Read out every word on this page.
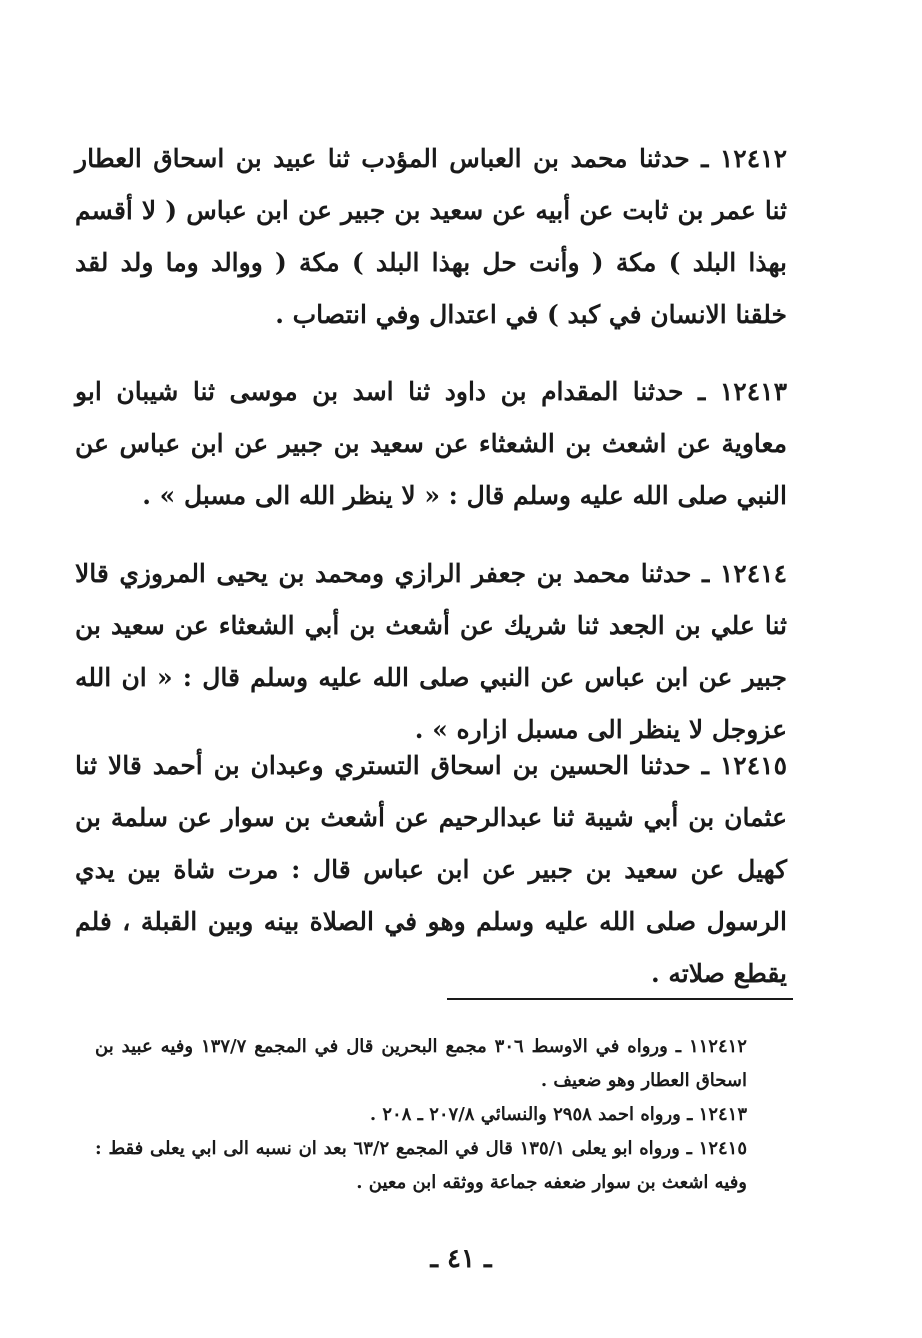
١٢٤١٢ ـ حدثنا محمد بن العباس المؤدب ثنا عبيد بن اسحاق العطار ثنا عمر بن ثابت عن أبيه عن سعيد بن جبير عن ابن عباس ( لا أقسم بهذا البلد ) مكة ( وأنت حل بهذا البلد ) مكة ( ووالد وما ولد لقد خلقنا الانسان في كبد ) في اعتدال وفي انتصاب .

١٢٤١٣ ـ حدثنا المقدام بن داود ثنا اسد بن موسى ثنا شيبان ابو معاوية عن اشعث بن الشعثاء عن سعيد بن جبير عن ابن عباس عن النبي صلى الله عليه وسلم قال : « لا ينظر الله الى مسبل » .

١٢٤١٤ ـ حدثنا محمد بن جعفر الرازي ومحمد بن يحيى المروزي قالا ثنا علي بن الجعد ثنا شريك عن أشعث بن أبي الشعثاء عن سعيد بن جبير عن ابن عباس عن النبي صلى الله عليه وسلم قال : « ان الله عزوجل لا ينظر الى مسبل ازاره » .

١٢٤١٥ ـ حدثنا الحسين بن اسحاق التستري وعبدان بن أحمد قالا ثنا عثمان بن أبي شيبة ثنا عبدالرحيم عن أشعث بن سوار عن سلمة بن كهيل عن سعيد بن جبير عن ابن عباس قال : مرت شاة بين يدي الرسول صلى الله عليه وسلم وهو في الصلاة بينه وبين القبلة ، فلم يقطع صلاته .

١١٢٤١٢ ـ ورواه في الاوسط ٣٠٦ مجمع البحرين قال في المجمع ١٣٧/٧ وفيه عبيد بن اسحاق العطار وهو ضعيف .

١٢٤١٣ ـ ورواه احمد ٢٩٥٨ والنسائي ٢٠٧/٨ ـ ٢٠٨ .

١٢٤١٥ ـ ورواه ابو يعلى ١٣٥/١ قال في المجمع ٦٣/٢ بعد ان نسبه الى ابي يعلى فقط : وفيه اشعث بن سوار ضعفه جماعة ووثقه ابن معين .

ـ ٤١ ـ
